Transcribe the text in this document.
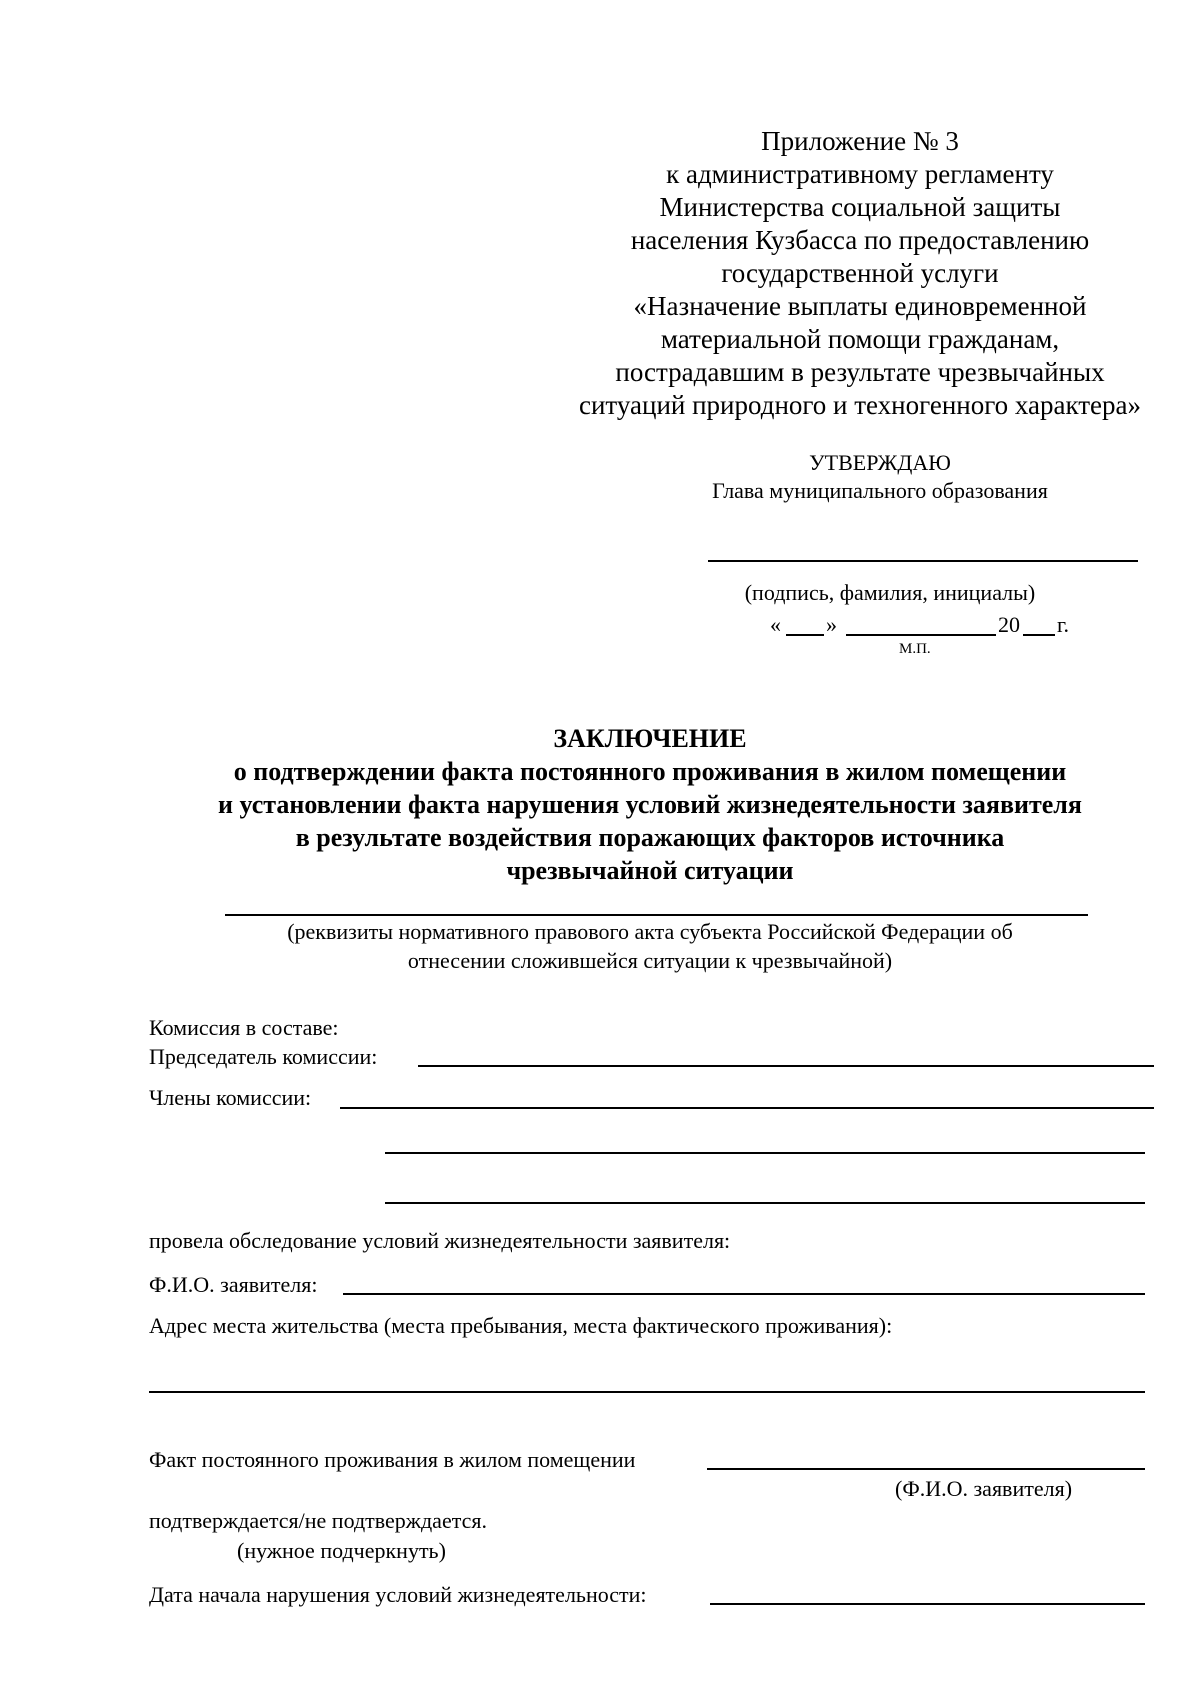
Приложение № 3
к административному регламенту
Министерства социальной защиты
населения Кузбасса по предоставлению
государственной услуги
«Назначение выплаты единовременной
материальной помощи гражданам,
пострадавшим в результате чрезвычайных
ситуаций природного и техногенного характера»
УТВЕРЖДАЮ
Глава муниципального образования
(подпись, фамилия, инициалы)
« »	20 г.
М.П.
ЗАКЛЮЧЕНИЕ
о подтверждении факта постоянного проживания в жилом помещении
и установлении факта нарушения условий жизнедеятельности заявителя
в результате воздействия поражающих факторов источника
чрезвычайной ситуации
(реквизиты нормативного правового акта субъекта Российской Федерации об
отнесении сложившейся ситуации к чрезвычайной)
Комиссия в составе:
Председатель комиссии:
Члены комиссии:
провела обследование условий жизнедеятельности заявителя:
Ф.И.О. заявителя:
Адрес места жительства (места пребывания, места фактического проживания):
Факт постоянного проживания в жилом помещении
(Ф.И.О. заявителя)
подтверждается/не подтверждается.
(нужное подчеркнуть)
Дата начала нарушения условий жизнедеятельности:
